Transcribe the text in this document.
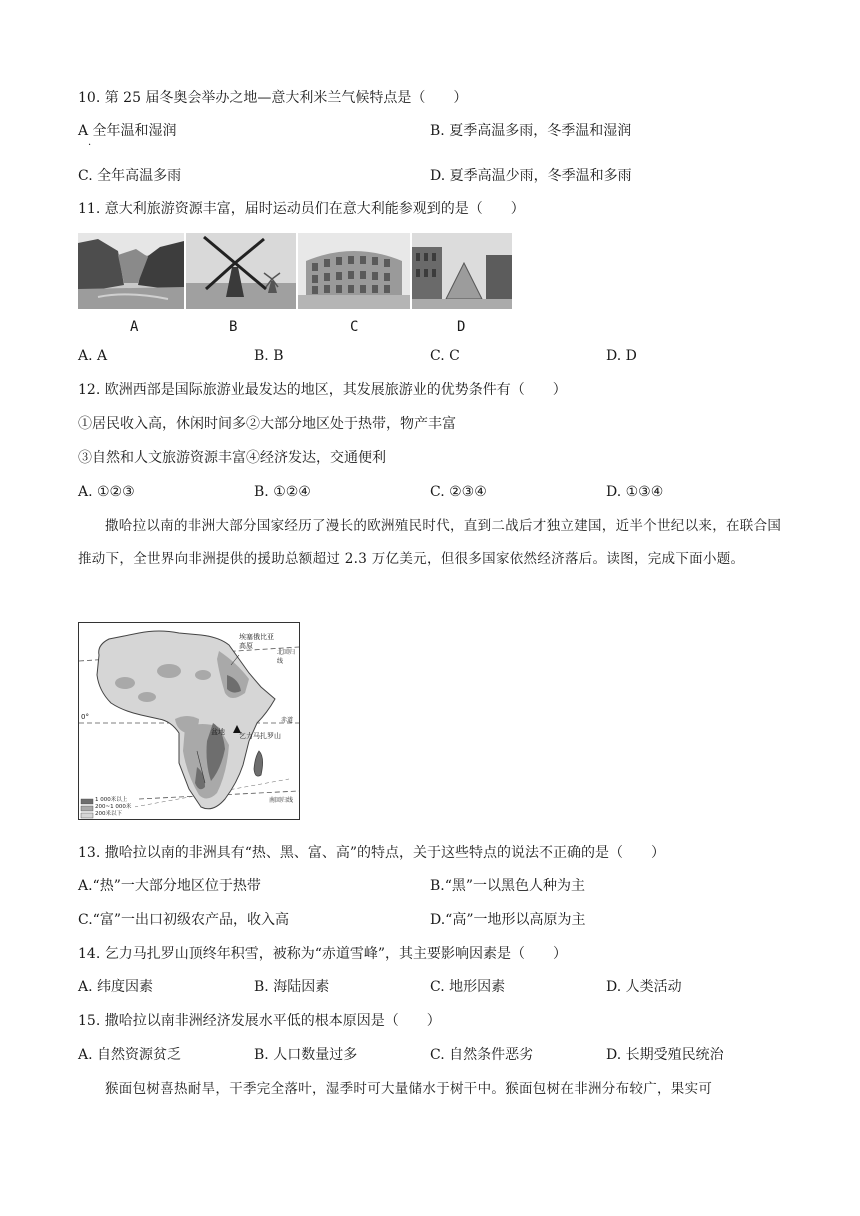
10. 第 25 届冬奥会举办之地—意大利米兰气候特点是（　　）
A 全年温和湿润
·
B. 夏季高温多雨，冬季温和湿润
C. 全年高温多雨	D. 夏季高温少雨，冬季温和多雨
11. 意大利旅游资源丰富，届时运动员们在意大利能参观到的是（　　）
A	B	C	D
A. A	B. B	C. C	D. D
12. 欧洲西部是国际旅游业最发达的地区，其发展旅游业的优势条件有（　　）
①居民收入高，休闲时间多②大部分地区处于热带，物产丰富
③自然和人文旅游资源丰富④经济发达，交通便利
A. ①②③	B. ①②④	C. ②③④	D. ①③④
撒哈拉以南的非洲大部分国家经历了漫长的欧洲殖民时代，直到二战后才独立建国，近半个世纪以来，在联合国推动下，全世界向非洲提供的援助总额超过 2.3 万亿美元，但很多国家依然经济落后。读图，完成下面小题。
埃塞俄比亚高原
北回归线
0°	赤道
盆地 乞力马扎罗山
南回归线
1 000米以上
200~1 000米
200米以下
13. 撒哈拉以南的非洲具有“热、黑、富、高”的特点，关于这些特点的说法不正确的是（　　）
A.“热”一大部分地区位于热带	B.“黑”一以黑色人种为主
C.“富”一出口初级农产品，收入高	D.“高”一地形以高原为主
14. 乞力马扎罗山顶终年积雪，被称为“赤道雪峰”，其主要影响因素是（　　）
A. 纬度因素	B. 海陆因素	C. 地形因素	D. 人类活动
15. 撒哈拉以南非洲经济发展水平低的根本原因是（　　）
A. 自然资源贫乏	B. 人口数量过多	C. 自然条件恶劣	D. 长期受殖民统治
猴面包树喜热耐旱，干季完全落叶，湿季时可大量储水于树干中。猴面包树在非洲分布较广，果实可
